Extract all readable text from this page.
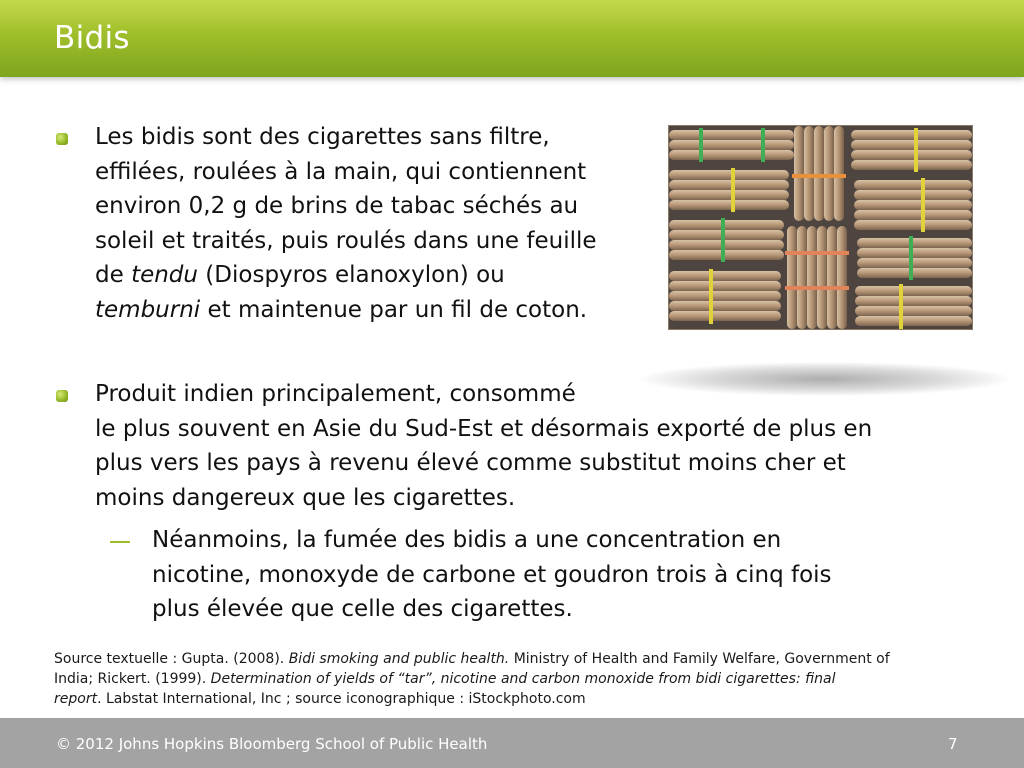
Bidis
Les bidis sont des cigarettes sans filtre,
effilées, roulées à la main, qui contiennent
environ 0,2 g de brins de tabac séchés au
soleil et traités, puis roulés dans une feuille
de tendu (Diospyros elanoxylon) ou
temburni et maintenue par un fil de coton.
Produit indien principalement, consommé
le plus souvent en Asie du Sud-Est et désormais exporté de plus en
plus vers les pays à revenu élevé comme substitut moins cher et
moins dangereux que les cigarettes.
Néanmoins, la fumée des bidis a une concentration en
nicotine, monoxyde de carbone et goudron trois à cinq fois
plus élevée que celle des cigarettes.
Source textuelle : Gupta. (2008). Bidi smoking and public health. Ministry of Health and Family Welfare, Government of
India; Rickert. (1999). Determination of yields of “tar”, nicotine and carbon monoxide from bidi cigarettes: final
report. Labstat International, Inc ; source iconographique : iStockphoto.com
© 2012 Johns Hopkins Bloomberg School of Public Health	7
